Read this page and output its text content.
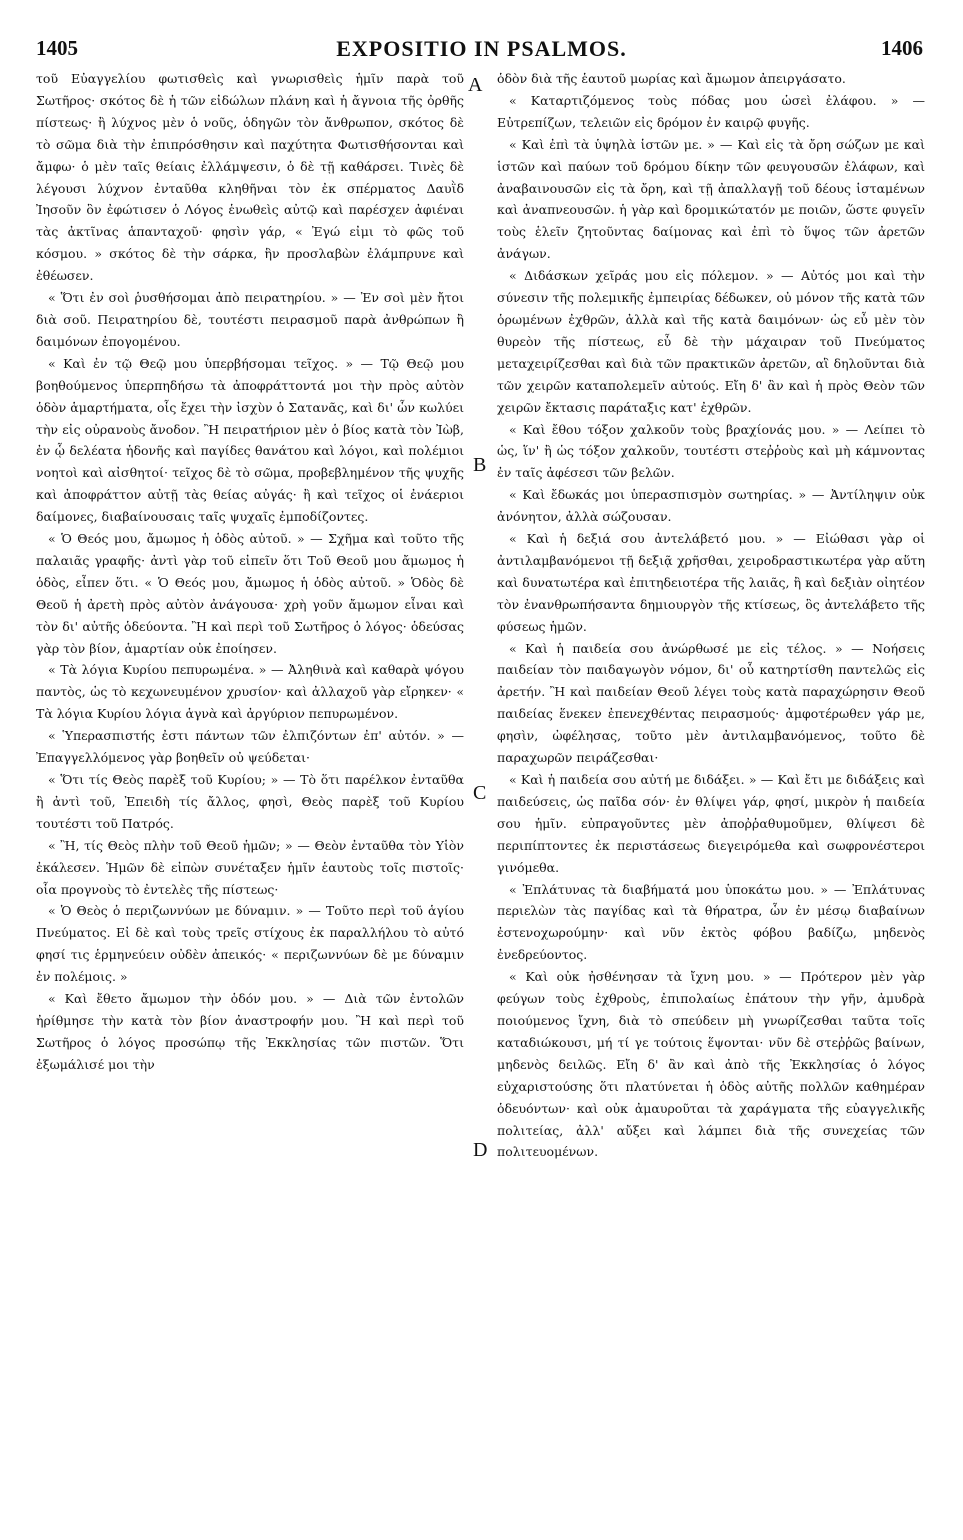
1405	EXPOSITIO IN PSALMOS.	1406

τοῦ Εὐαγγελίου φωτισθεὶς καὶ γνωρισθεὶς ἡμῖν παρὰ τοῦ Σωτῆρος· σκότος δὲ ἡ τῶν εἰδώλων πλάνη καὶ ἡ ἄγνοια τῆς ὀρθῆς πίστεως· ἢ λύχνος μὲν ὁ νοῦς, ὁδηγῶν τὸν ἄνθρωπον, σκότος δὲ τὸ σῶμα διὰ τὴν ἐπιπρόσθησιν καὶ παχύτητα Φωτισθήσονται καὶ ἄμφω· ὁ μὲν ταῖς θείαις ἐλλάμψεσιν, ὁ δὲ τῇ καθάρσει. Τινὲς δὲ λέγουσι λύχνον ἐνταῦθα κληθῆναι τὸν ἐκ σπέρματος Δαυῒδ Ἰησοῦν ὃν ἐφώτισεν ὁ Λόγος ἑνωθεὶς αὐτῷ καὶ παρέσχεν ἀφιέναι τὰς ἀκτῖνας ἁπανταχοῦ· φησὶν γάρ, « Ἐγώ εἰμι τὸ φῶς τοῦ κόσμου. » σκότος δὲ τὴν σάρκα, ἣν προσλαβὼν ἐλάμπρυνε καὶ ἐθέωσεν.

« Ὅτι ἐν σοὶ ῥυσθήσομαι ἀπὸ πειρατηρίου. » — Ἐν σοὶ μὲν ἤτοι διὰ σοῦ. Πειρατηρίου δὲ, τουτέστι πειρασμοῦ παρὰ ἀνθρώπων ἢ δαιμόνων ἐπογομένου.

« Καὶ ἐν τῷ Θεῷ μου ὑπερβήσομαι τεῖχος. » — Τῷ Θεῷ μου βοηθούμενος ὑπερπηδήσω τὰ ἀποφράττοντά μοι τὴν πρὸς αὐτὸν ὁδὸν ἁμαρτήματα, οἷς ἔχει τὴν ἰσχὺν ὁ Σατανᾶς, καὶ δι' ὧν κωλύει τὴν εἰς οὐρανοὺς ἄνοδον. Ἢ πειρατήριον μὲν ὁ βίος κατὰ τὸν Ἰὼβ, ἐν ᾧ δελέατα ἡδονῆς καὶ παγίδες θανάτου καὶ λόγοι, καὶ πολέμιοι νοητοὶ καὶ αἰσθητοί· τεῖχος δὲ τὸ σῶμα, προβεβλημένον τῆς ψυχῆς καὶ ἀποφράττον αὐτῇ τὰς θείας αὐγάς· ἢ καὶ τεῖχος οἱ ἐνάεριοι δαίμονες, διαβαίνουσαις ταῖς ψυχαῖς ἐμποδίζοντες.

« Ὁ Θεός μου, ἄμωμος ἡ ὁδὸς αὐτοῦ. » — Σχῆμα καὶ τοῦτο τῆς παλαιᾶς γραφῆς· ἀντὶ γὰρ τοῦ εἰπεῖν ὅτι Τοῦ Θεοῦ μου ἄμωμος ἡ ὁδὸς, εἶπεν ὅτι. « Ὁ Θεός μου, ἄμωμος ἡ ὁδὸς αὐτοῦ. » Ὁδὸς δὲ Θεοῦ ἡ ἀρετὴ πρὸς αὐτὸν ἀνάγουσα· χρὴ γοῦν ἄμωμον εἶναι καὶ τὸν δι' αὐτῆς ὁδεύοντα. Ἢ καὶ περὶ τοῦ Σωτῆρος ὁ λόγος· ὁδεύσας γὰρ τὸν βίον, ἁμαρτίαν οὐκ ἐποίησεν.

« Τὰ λόγια Κυρίου πεπυρωμένα. » — Ἀληθινὰ καὶ καθαρὰ ψόγου παντὸς, ὡς τὸ κεχωνευμένον χρυσίον· καὶ ἀλλαχοῦ γὰρ εἴρηκεν· « Τὰ λόγια Κυρίου λόγια ἁγνὰ καὶ ἀργύριον πεπυρωμένον.

« Ὑπερασπιστής ἐστι πάντων τῶν ἐλπιζόντων ἐπ' αὐτόν. » — Ἐπαγγελλόμενος γὰρ βοηθεῖν οὐ ψεύδεται·

« Ὅτι τίς Θεὸς παρὲξ τοῦ Κυρίου; » — Τὸ ὅτι παρέλκον ἐνταῦθα ἢ ἀντὶ τοῦ, Ἐπειδὴ τίς ἄλλος, φησὶ, Θεὸς παρὲξ τοῦ Κυρίου τουτέστι τοῦ Πατρός.

« Ἢ, τίς Θεὸς πλὴν τοῦ Θεοῦ ἡμῶν; » — Θεὸν ἐνταῦθα τὸν Υἱὸν ἐκάλεσεν. Ἡμῶν δὲ εἰπὼν συνέταξεν ἡμῖν ἑαυτοὺς τοῖς πιστοῖς· οἷα προγνοὺς τὸ ἐντελὲς τῆς πίστεως·

« Ὁ Θεὸς ὁ περιζωννύων με δύναμιν. » — Τοῦτο περὶ τοῦ ἁγίου Πνεύματος. Εἰ δὲ καὶ τοὺς τρεῖς στίχους ἐκ παραλλήλου τὸ αὐτό φησί τις ἑρμηνεύειν οὐδὲν ἀπεικός· « περιζωννύων δὲ με δύναμιν ἐν πολέμοις. »

« Καὶ ἔθετο ἄμωμον τὴν ὁδόν μου. » — Διὰ τῶν ἐντολῶν ἠρίθμησε τὴν κατὰ τὸν βίον ἀναστροφήν μου. Ἢ καὶ περὶ τοῦ Σωτῆρος ὁ λόγος προσώπῳ τῆς Ἐκκλησίας τῶν πιστῶν. Ὅτι ἐξωμάλισέ μοι τὴν

ὁδὸν διὰ τῆς ἑαυτοῦ μωρίας καὶ ἄμωμον ἀπειργάσατο.

« Καταρτιζόμενος τοὺς πόδας μου ὡσεὶ ἐλάφου. » — Εὐτρεπίζων, τελειῶν εἰς δρόμον ἐν καιρῷ φυγῆς.

« Καὶ ἐπὶ τὰ ὑψηλὰ ἱστῶν με. » — Καὶ εἰς τὰ ὄρη σώζων με καὶ ἱστῶν καὶ παύων τοῦ δρόμου δίκην τῶν φευγουσῶν ἐλάφων, καὶ ἀναβαινουσῶν εἰς τὰ ὄρη, καὶ τῇ ἀπαλλαγῇ τοῦ δέους ἱσταμένων καὶ ἀναπνεουσῶν. ἡ γὰρ καὶ δρομικώτατόν με ποιῶν, ὥστε φυγεῖν τοὺς ἑλεῖν ζητοῦντας δαίμονας καὶ ἐπὶ τὸ ὕψος τῶν ἀρετῶν ἀνάγων.

« Διδάσκων χεῖράς μου εἰς πόλεμον. » — Αὐτός μοι καὶ τὴν σύνεσιν τῆς πολεμικῆς ἐμπειρίας δέδωκεν, οὐ μόνον τῆς κατὰ τῶν ὁρωμένων ἐχθρῶν, ἀλλὰ καὶ τῆς κατὰ δαιμόνων· ὡς εὖ μὲν τὸν θυρεὸν τῆς πίστεως, εὖ δὲ τὴν μάχαιραν τοῦ Πνεύματος μεταχειρίζεσθαι καὶ διὰ τῶν πρακτικῶν ἀρετῶν, αἳ δηλοῦνται διὰ τῶν χειρῶν καταπολεμεῖν αὐτούς. Εἴη δ' ἂν καὶ ἡ πρὸς Θεὸν τῶν χειρῶν ἔκτασις παράταξις κατ' ἐχθρῶν.

« Καὶ ἔθου τόξον χαλκοῦν τοὺς βραχίονάς μου. » — Λείπει τὸ ὡς, ἵν' ἢ ὡς τόξον χαλκοῦν, τουτέστι στεῤῥοὺς καὶ μὴ κάμνοντας ἐν ταῖς ἀφέσεσι τῶν βελῶν.

« Καὶ ἔδωκάς μοι ὑπερασπισμὸν σωτηρίας. » — Ἀντίληψιν οὐκ ἀνόνητον, ἀλλὰ σώζουσαν.

« Καὶ ἡ δεξιά σου ἀντελάβετό μου. » — Εἰώθασι γὰρ οἱ ἀντιλαμβανόμενοι τῇ δεξιᾷ χρῆσθαι, χειροδραστικωτέρα γὰρ αὕτη καὶ δυνατωτέρα καὶ ἐπιτηδειοτέρα τῆς λαιᾶς, ἢ καὶ δεξιὰν οἰητέον τὸν ἐνανθρωπήσαντα δημιουργὸν τῆς κτίσεως, ὃς ἀντελάβετο τῆς φύσεως ἡμῶν.

« Καὶ ἡ παιδεία σου ἀνώρθωσέ με εἰς τέλος. » — Νοήσεις παιδείαν τὸν παιδαγωγὸν νόμον, δι' οὗ κατηρτίσθη παντελῶς εἰς ἀρετήν. Ἢ καὶ παιδείαν Θεοῦ λέγει τοὺς κατὰ παραχώρησιν Θεοῦ παιδείας ἕνεκεν ἐπενεχθέντας πειρασμούς· ἀμφοτέρωθεν γάρ με, φησὶν, ὠφέλησας, τοῦτο μὲν ἀντιλαμβανόμενος, τοῦτο δὲ παραχωρῶν πειράζεσθαι·

« Καὶ ἡ παιδεία σου αὐτή με διδάξει. » — Καὶ ἔτι με διδάξεις καὶ παιδεύσεις, ὡς παῖδα σόν· ἐν θλίψει γάρ, φησί, μικρὸν ἡ παιδεία σου ἡμῖν. εὐπραγοῦντες μὲν ἀποῤῥαθυμοῦμεν, θλίψεσι δὲ περιπίπτοντες ἐκ περιστάσεως διεγειρόμεθα καὶ σωφρονέστεροι γινόμεθα.

« Ἐπλάτυνας τὰ διαβήματά μου ὑποκάτω μου. » — Ἐπλάτυνας περιελὼν τὰς παγίδας καὶ τὰ θήρατρα, ὧν ἐν μέσῳ διαβαίνων ἐστενοχωρούμην· καὶ νῦν ἐκτὸς φόβου βαδίζω, μηδενὸς ἐνεδρεύοντος.

« Καὶ οὐκ ἠσθένησαν τὰ ἴχνη μου. » — Πρότερον μὲν γὰρ φεύγων τοὺς ἐχθροὺς, ἐπιπολαίως ἐπάτουν τὴν γῆν, ἀμυδρὰ ποιούμενος ἴχνη, διὰ τὸ σπεύδειν μὴ γνωρίζεσθαι ταῦτα τοῖς καταδιώκουσι, μή τί γε τούτοις ἕψονται· νῦν δὲ στεῤῥῶς βαίνων, μηδενὸς δειλῶς. Εἴη δ' ἂν καὶ ἀπὸ τῆς Ἐκκλησίας ὁ λόγος εὐχαριστούσης ὅτι πλατύνεται ἡ ὁδὸς αὐτῆς πολλῶν καθημέραν ὁδευόντων· καὶ οὐκ ἀμαυροῦται τὰ χαράγματα τῆς εὐαγγελικῆς πολιτείας, ἀλλ' αὔξει καὶ λάμπει διὰ τῆς συνεχείας τῶν πολιτευομένων.

A
B
C
D
